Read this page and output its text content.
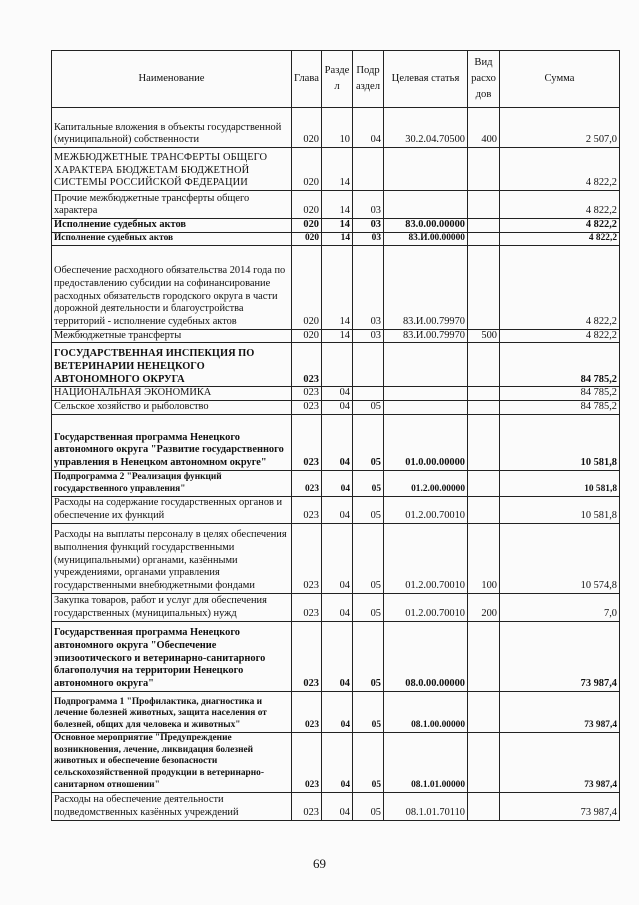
Наименование	Глава	Разде л	Подр аздел	Целевая статья	Вид расхо дов	Сумма
Капитальные вложения в объекты государственной (муниципальной) собственности	020	10	04	30.2.04.70500	400	2 507,0
МЕЖБЮДЖЕТНЫЕ ТРАНСФЕРТЫ ОБЩЕГО ХАРАКТЕРА БЮДЖЕТАМ БЮДЖЕТНОЙ СИСТЕМЫ РОССИЙСКОЙ ФЕДЕРАЦИИ	020	14				4 822,2
Прочие межбюджетные трансферты общего характера	020	14	03			4 822,2
Исполнение судебных актов	020	14	03	83.0.00.00000		4 822,2
Исполнение судебных актов	020	14	03	83.И.00.00000		4 822,2
Обеспечение расходного обязательства 2014 года по предоставлению субсидии на софинансирование расходных обязательств городского округа в части дорожной деятельности и благоустройства территорий - исполнение судебных актов	020	14	03	83.И.00.79970		4 822,2
Межбюджетные трансферты	020	14	03	83.И.00.79970	500	4 822,2
ГОСУДАРСТВЕННАЯ ИНСПЕКЦИЯ ПО ВЕТЕРИНАРИИ НЕНЕЦКОГО АВТОНОМНОГО ОКРУГА	023					84 785,2
НАЦИОНАЛЬНАЯ ЭКОНОМИКА	023	04				84 785,2
Сельское хозяйство и рыболовство	023	04	05			84 785,2
Государственная программа Ненецкого автономного округа "Развитие государственного управления в Ненецком автономном округе"	023	04	05	01.0.00.00000		10 581,8
Подпрограмма 2 "Реализация функций государственного управления"	023	04	05	01.2.00.00000		10 581,8
Расходы на содержание государственных органов и обеспечение их функций	023	04	05	01.2.00.70010		10 581,8
Расходы на выплаты персоналу в целях обеспечения выполнения функций государственными (муниципальными) органами, казёнными учреждениями, органами управления государственными внебюджетными фондами	023	04	05	01.2.00.70010	100	10 574,8
Закупка товаров, работ и услуг для обеспечения государственных (муниципальных) нужд	023	04	05	01.2.00.70010	200	7,0
Государственная программа Ненецкого автономного округа "Обеспечение эпизоотического и ветеринарно-санитарного благополучия на территории Ненецкого автономного округа"	023	04	05	08.0.00.00000		73 987,4
Подпрограмма 1 "Профилактика, диагностика и лечение болезней животных, защита населения от болезней, общих для человека и животных"	023	04	05	08.1.00.00000		73 987,4
Основное мероприятие "Предупреждение возникновения, лечение, ликвидация болезней животных и обеспечение безопасности сельскохозяйственной продукции в ветеринарно-санитарном отношении"	023	04	05	08.1.01.00000		73 987,4
Расходы на обеспечение деятельности подведомственных казённых учреждений	023	04	05	08.1.01.70110		73 987,4
69
